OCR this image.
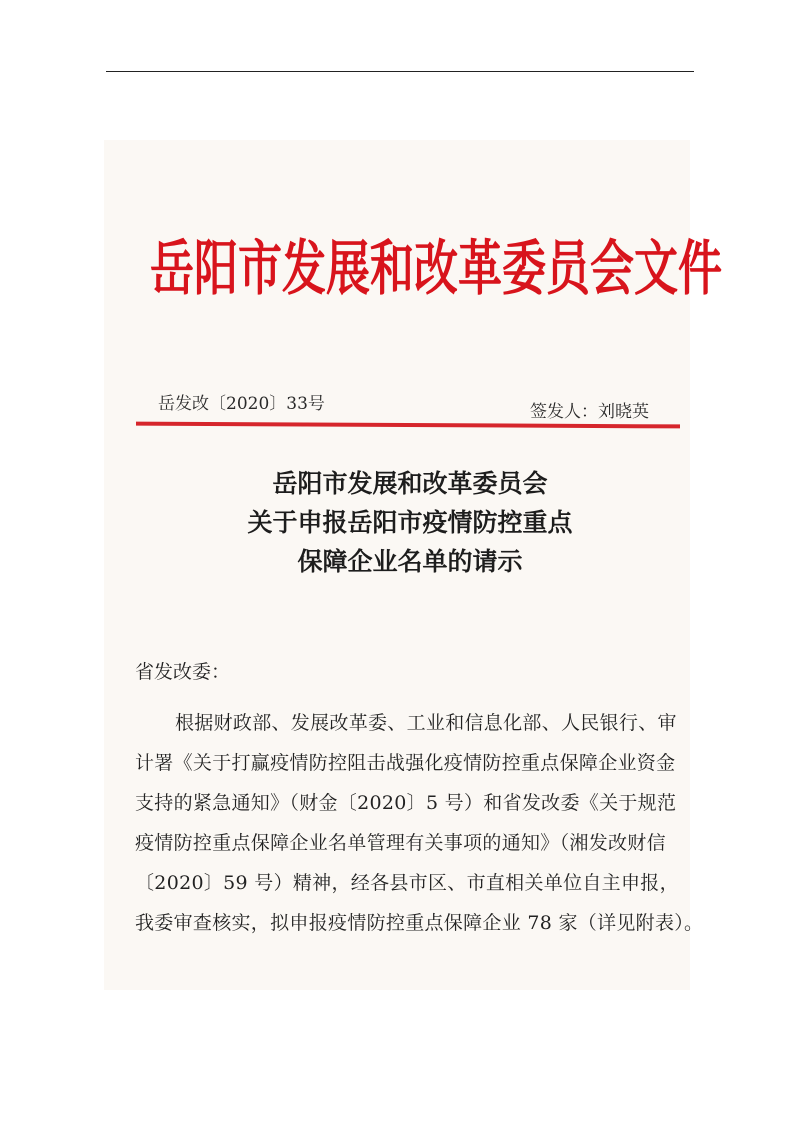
岳阳市发展和改革委员会文件
岳发改〔2020〕33号	签发人：刘晓英
岳阳市发展和改革委员会
关于申报岳阳市疫情防控重点
保障企业名单的请示
省发改委：
根据财政部、发展改革委、工业和信息化部、人民银行、审
计署《关于打赢疫情防控阻击战强化疫情防控重点保障企业资金
支持的紧急通知》（财金〔2020〕5 号）和省发改委《关于规范
疫情防控重点保障企业名单管理有关事项的通知》（湘发改财信
〔2020〕59 号）精神，经各县市区、市直相关单位自主申报，
我委审查核实，拟申报疫情防控重点保障企业 78 家（详见附表）。
